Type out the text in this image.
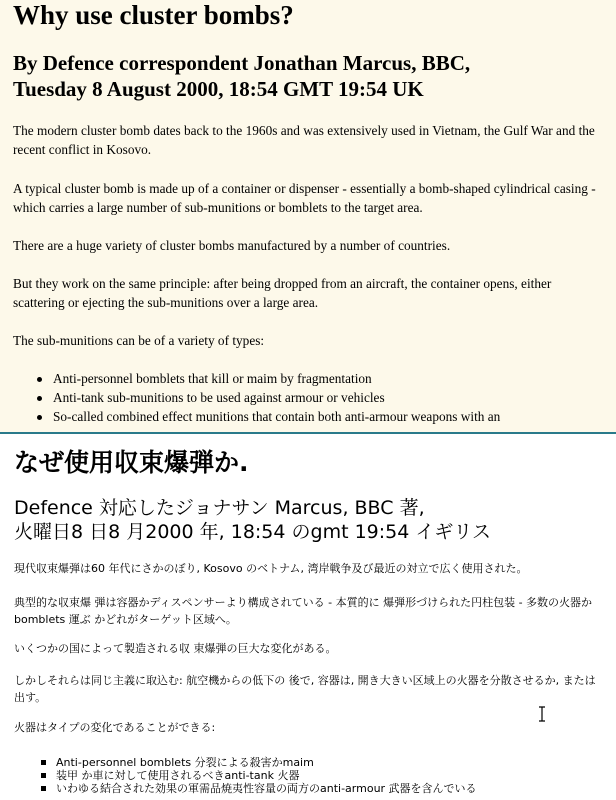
Why use cluster bombs?
By Defence correspondent Jonathan Marcus, BBC,
Tuesday 8 August 2000, 18:54 GMT 19:54 UK

The modern cluster bomb dates back to the 1960s and was extensively used in Vietnam, the Gulf War and the recent conflict in Kosovo.

A typical cluster bomb is made up of a container or dispenser - essentially a bomb-shaped cylindrical casing - which carries a large number of sub-munitions or bomblets to the target area.

There are a huge variety of cluster bombs manufactured by a number of countries.

But they work on the same principle: after being dropped from an aircraft, the container opens, either scattering or ejecting the sub-munitions over a large area.

The sub-munitions can be of a variety of types:

Anti-personnel bomblets that kill or maim by fragmentation
Anti-tank sub-munitions to be used against armour or vehicles
So-called combined effect munitions that contain both anti-armour weapons with an
なぜ使用収束爆弾か.
Defence 対応したジョナサン Marcus, BBC 著,
火曜日8 日8 月2000 年, 18:54 のgmt 19:54 イギリス

現代収束爆弾は60 年代にさかのぼり, Kosovo のベトナム, 湾岸戦争及び最近の対立で広く使用された。

典型的な収束爆 弾は容器かディスペンサーより構成されている - 本質的に 爆弾形づけられた円柱包装 - 多数の火器かbomblets 運ぶ かどれがターゲット区域へ。

いくつかの国によって製造される収 束爆弾の巨大な変化がある。

しかしそれらは同じ主義に取込む: 航空機からの低下の 後で, 容器は, 開き大きい区域上の火器を分散させるか, または 出す。

火器はタイプの変化であることができる:

Anti-personnel bomblets 分裂による殺害かmaim
装甲 か車に対して使用されるべきanti-tank 火器
いわゆる結合された効果の軍需品焼夷性容量の両方のanti-armour 武器を含んでいる
